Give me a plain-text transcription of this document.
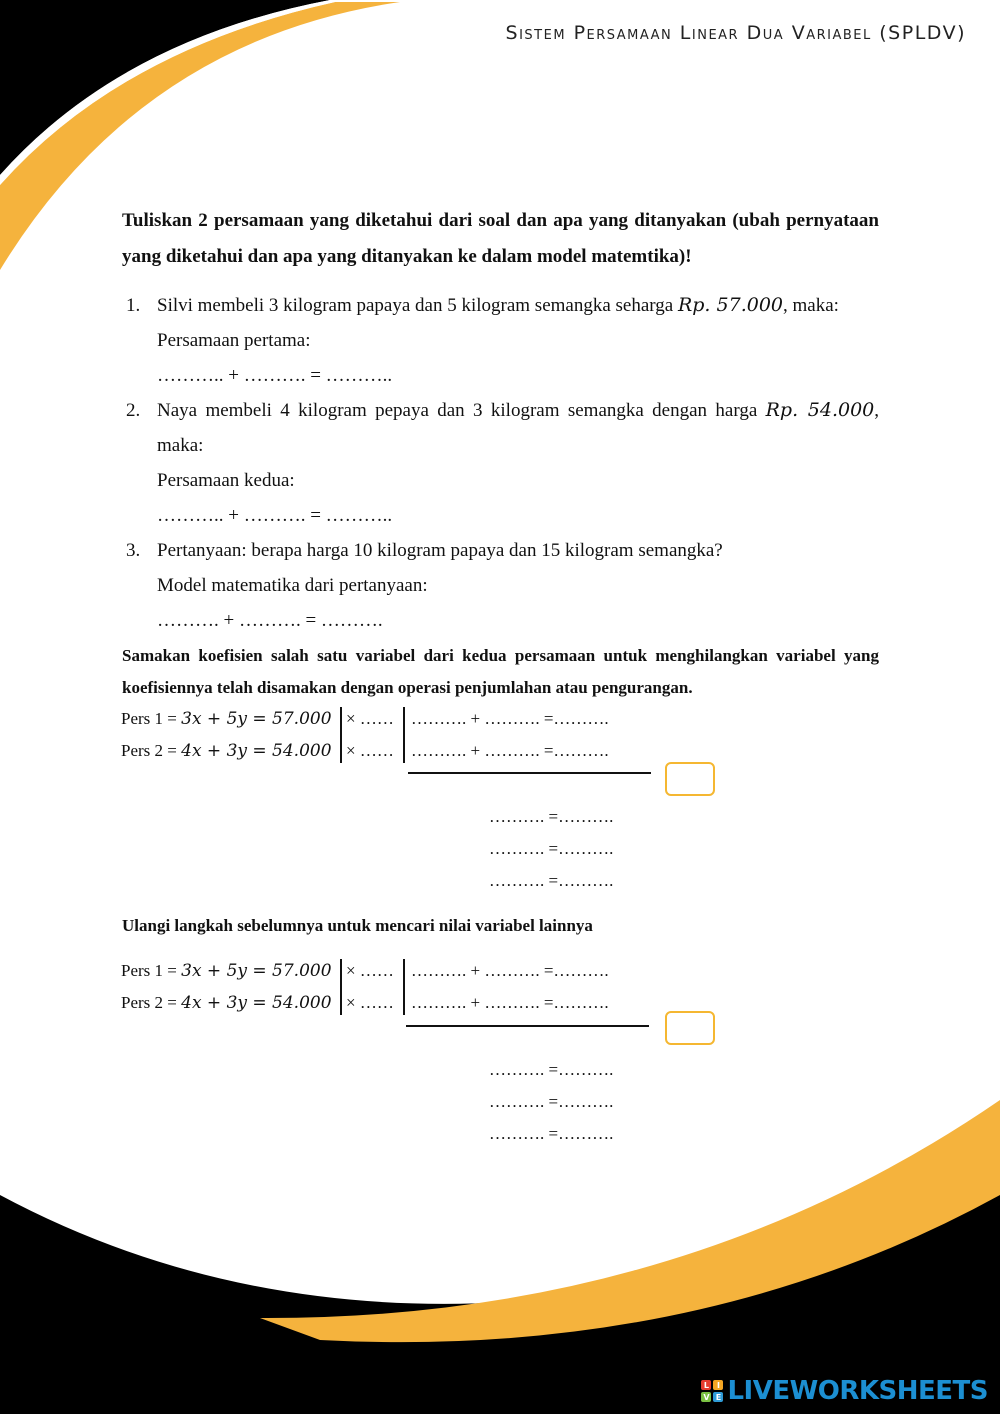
Sistem Persamaan Linear Dua Variabel (SPLDV)
Tuliskan 2 persamaan yang diketahui dari soal dan apa yang ditanyakan (ubah pernyataan yang diketahui dan apa yang ditanyakan ke dalam model matemtika)!
1. Silvi membeli 3 kilogram papaya dan 5 kilogram semangka seharga Rp. 57.000, maka:
Persamaan pertama:
……….. + ………. = ………..
2. Naya membeli 4 kilogram pepaya dan 3 kilogram semangka dengan harga Rp. 54.000, maka:
Persamaan kedua:
……….. + ………. = ………..
3. Pertanyaan: berapa harga 10 kilogram papaya dan 15 kilogram semangka?
Model matematika dari pertanyaan:
………. + ………. = ……….
Samakan koefisien salah satu variabel dari kedua persamaan untuk menghilangkan variabel yang koefisiennya telah disamakan dengan operasi penjumlahan atau pengurangan.
Pers 1 = 3x + 5y = 57.000
Pers 2 = 4x + 3y = 54.000
× ……
× ……
………. + ………. =……….
………. + ………. =……….
………. =……….
………. =……….
………. =……….
Ulangi langkah sebelumnya untuk mencari nilai variabel lainnya
Pers 1 = 3x + 5y = 57.000
Pers 2 = 4x + 3y = 54.000
× ……
× ……
………. + ………. =……….
………. + ………. =……….
………. =……….
………. =……….
………. =……….
L I
V E LIVEWORKSHEETS
